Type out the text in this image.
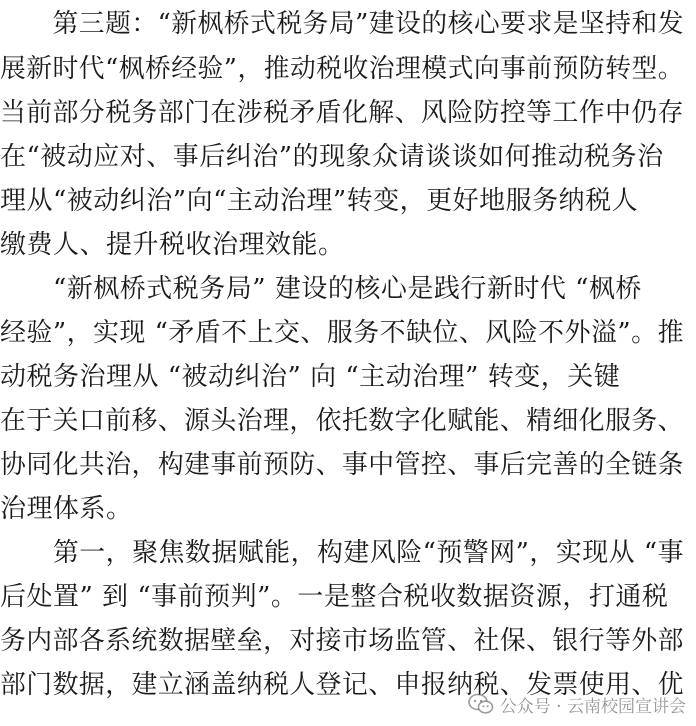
　　第三题：“新枫桥式税务局”建设的核心要求是坚持和发
展新时代“枫桥经验”，推动税收治理模式向事前预防转型。
当前部分税务部门在涉税矛盾化解、风险防控等工作中仍存
在“被动应对、事后纠治”的现象众请谈谈如何推动税务治
理从“被动纠治”向“主动治理”转变，更好地服务纳税人
缴费人、提升税收治理效能。
　　“新枫桥式税务局” 建设的核心是践行新时代 “枫桥
经验”，实现 “矛盾不上交、服务不缺位、风险不外溢”。推
动税务治理从 “被动纠治” 向 “主动治理” 转变，关键
在于关口前移、源头治理，依托数字化赋能、精细化服务、
协同化共治，构建事前预防、事中管控、事后完善的全链条
治理体系。
　　第一，聚焦数据赋能，构建风险“预警网”，实现从 “事
后处置” 到 “事前预判”。一是整合税收数据资源，打通税
务内部各系统数据壁垒，对接市场监管、社保、银行等外部
部门数据，建立涵盖纳税人登记、申报纳税、发票使用、优
公众号 · 云南校园宣讲会
